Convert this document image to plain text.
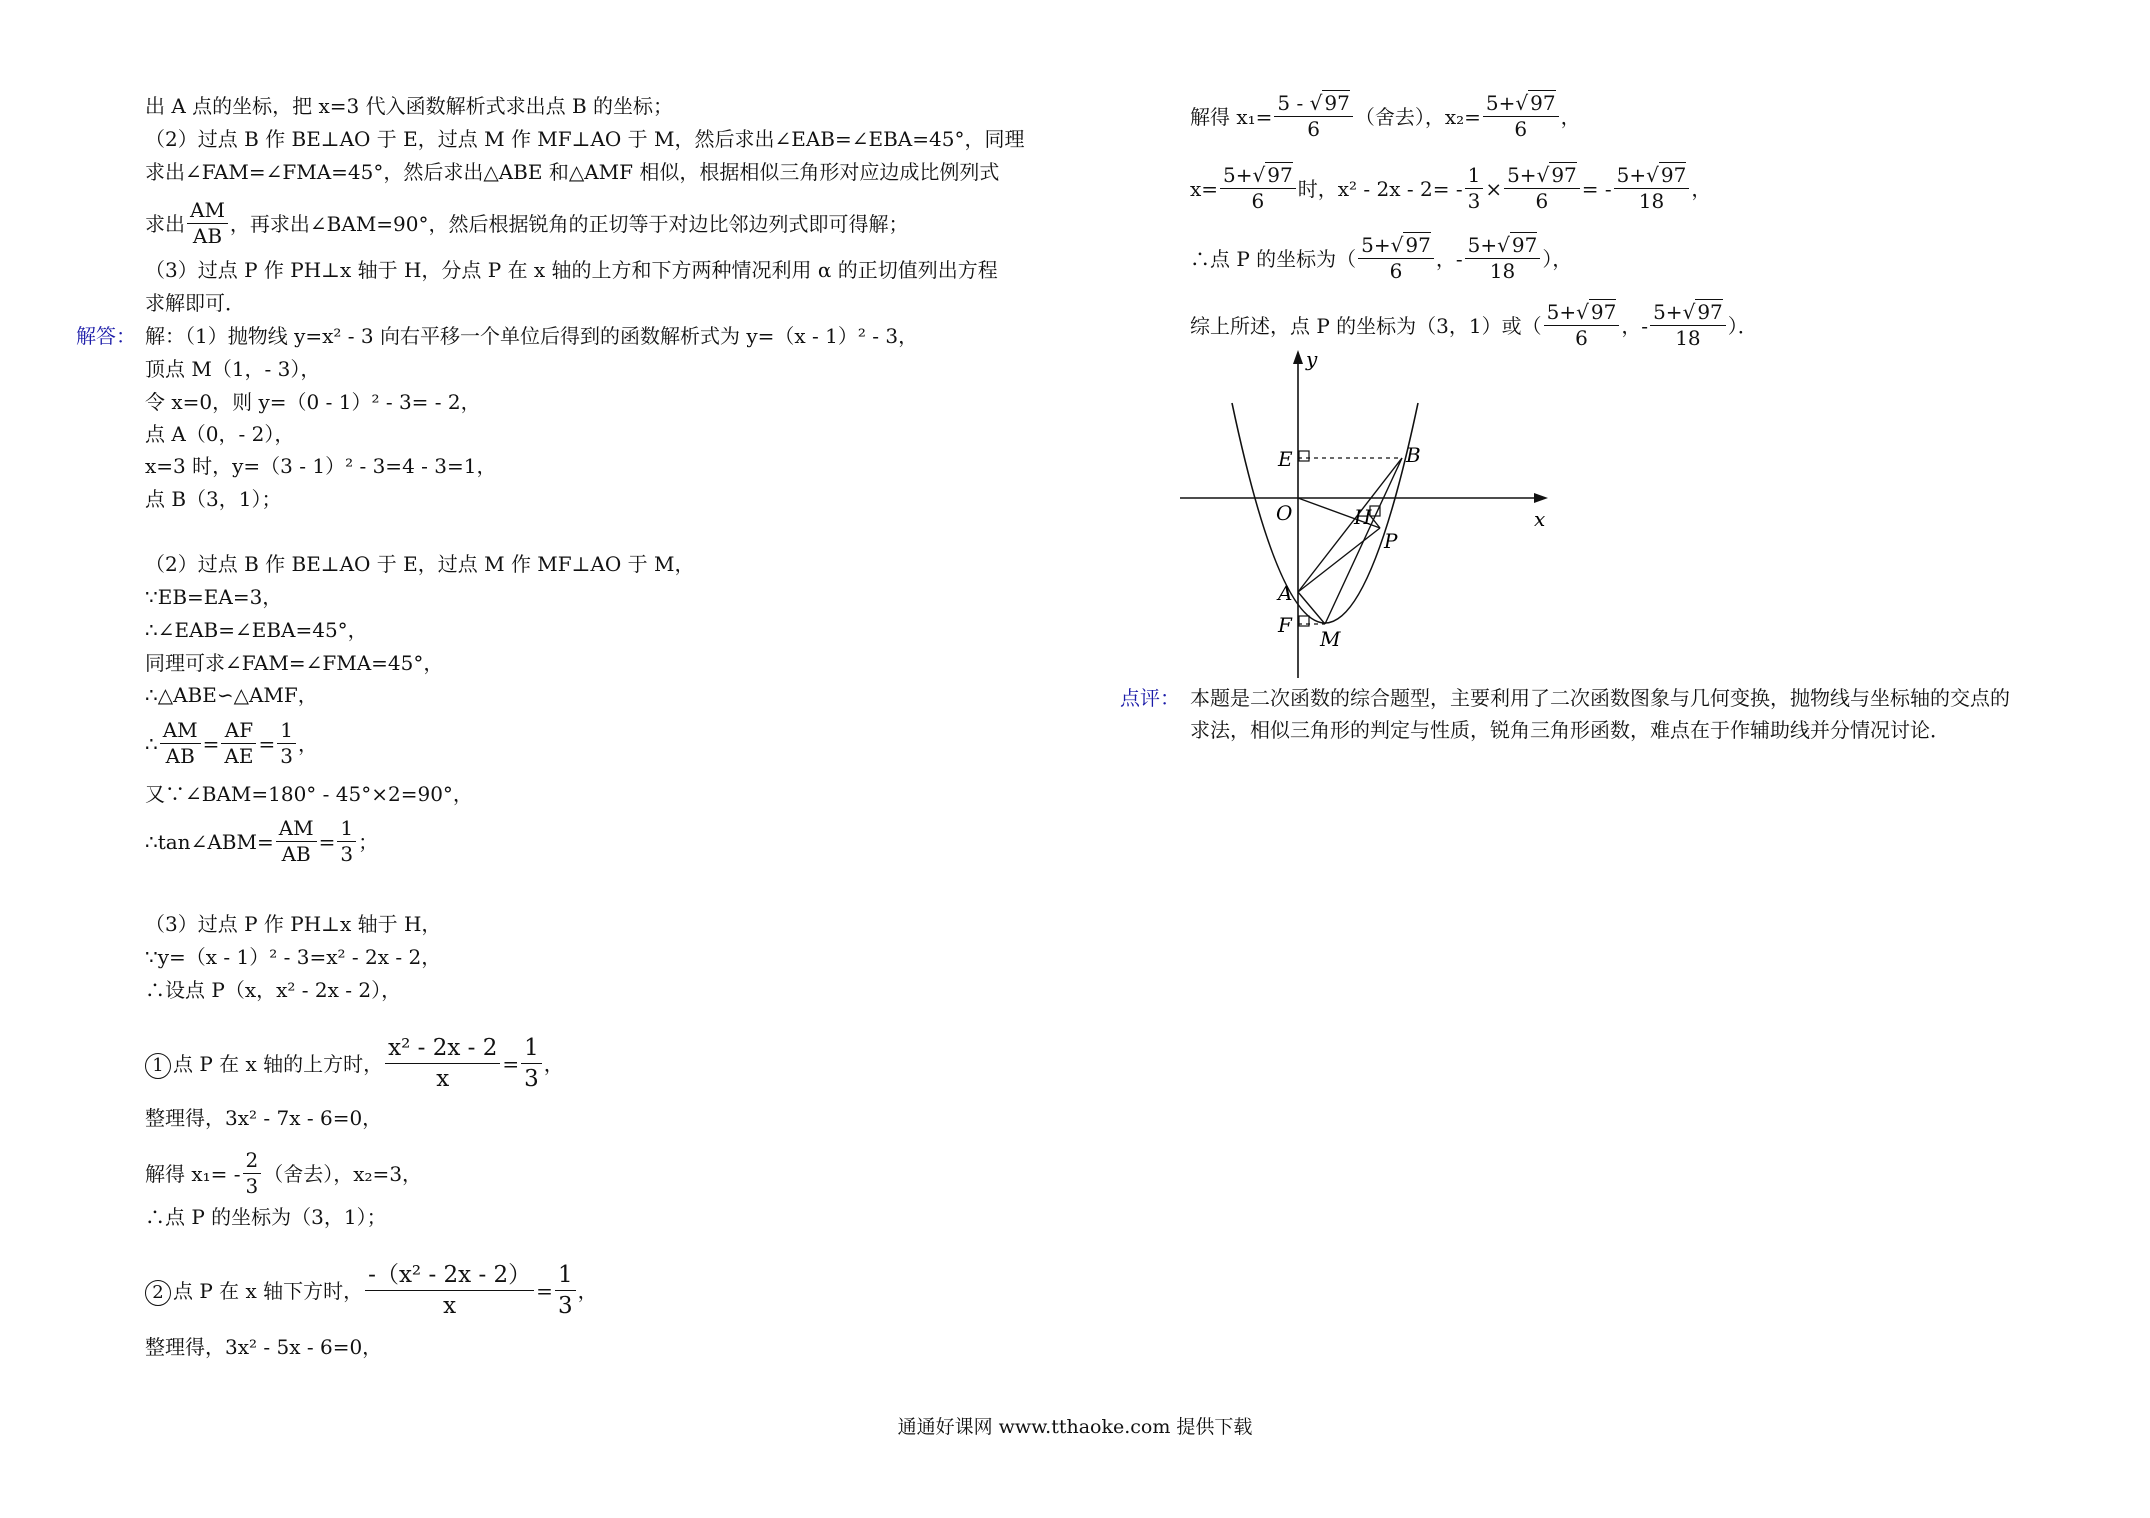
出 A 点的坐标，把 x=3 代入函数解析式求出点 B 的坐标；
（2）过点 B 作 BE⊥AO 于 E，过点 M 作 MF⊥AO 于 M，然后求出∠EAB=∠EBA=45°，同理
求出∠FAM=∠FMA=45°，然后求出△ABE 和△AMF 相似，根据相似三角形对应边成比例列式
求出 $\frac{AM}{AB}$ ，再求出∠BAM=90°，然后根据锐角的正切等于对边比邻边列式即可得解；
（3）过点 P 作 PH⊥x 轴于 H，分点 P 在 x 轴的上方和下方两种情况利用 α 的正切值列出方程
求解即可．
解答： 解：（1）抛物线 y=x² - 3 向右平移一个单位后得到的函数解析式为 y=（x - 1）² - 3，
顶点 M（1，- 3），
令 x=0，则 y=（0 - 1）² - 3= - 2，
点 A（0，- 2），
x=3 时，y=（3 - 1）² - 3=4 - 3=1，
点 B（3，1）；
（2）过点 B 作 BE⊥AO 于 E，过点 M 作 MF⊥AO 于 M，
∵EB=EA=3，
∴∠EAB=∠EBA=45°，
同理可求∠FAM=∠FMA=45°，
∴△ABE∽△AMF，
∴ $\frac{AM}{AB} = \frac{AF}{AE} = \frac{1}{3}$ ，
又∵∠BAM=180° - 45°×2=90°，
∴tan∠ABM= $\frac{AM}{AB} = \frac{1}{3}$ ；
（3）过点 P 作 PH⊥x 轴于 H，
∵y=（x - 1）² - 3=x² - 2x - 2，
∴设点 P（x，x² - 2x - 2），
1 点 P 在 x 轴的上方时， $\frac{\text{x² - 2x - 2}}{x} = \frac{1}{3}$ ，
整理得，3x² - 7x - 6=0，
解得 $x_1= - \frac{2}{3}$ （舍去），x₂=3，
∴点 P 的坐标为（3，1）；
2 点 P 在 x 轴下方时， $\frac{\text{-（x² - 2x - 2）}}{x} = \frac{1}{3}$ ，
整理得，3x² - 5x - 6=0，
解得 $x_1= \frac{5 - √ 97}{6}$ （舍去），$x_2= \frac{5+√ 97}{6}$ ，
$x= \frac{5+√ 97}{6}$ 时，$x^2 - 2x - 2= - \frac{1}{3} \times \frac{5+√ 97}{6}$ = - $\frac{5+√ 97}{18}$ ，
∴点 P 的坐标为（ $\frac{5+√ 97}{6}$ ，- $\frac{5+√ 97}{18}$ ），
综上所述，点 P 的坐标为（3，1）或（ $\frac{5+√ 97}{6}$ ，- $\frac{5+√ 97}{18}$ ）．
y
x
O
E	B
H
P
A
F
M
点评： 本题是二次函数的综合题型，主要利用了二次函数图象与几何变换，抛物线与坐标轴的交点的
求法，相似三角形的判定与性质，锐角三角形函数，难点在于作辅助线并分情况讨论．
通通好课网 www.tthaoke.com 提供下载
